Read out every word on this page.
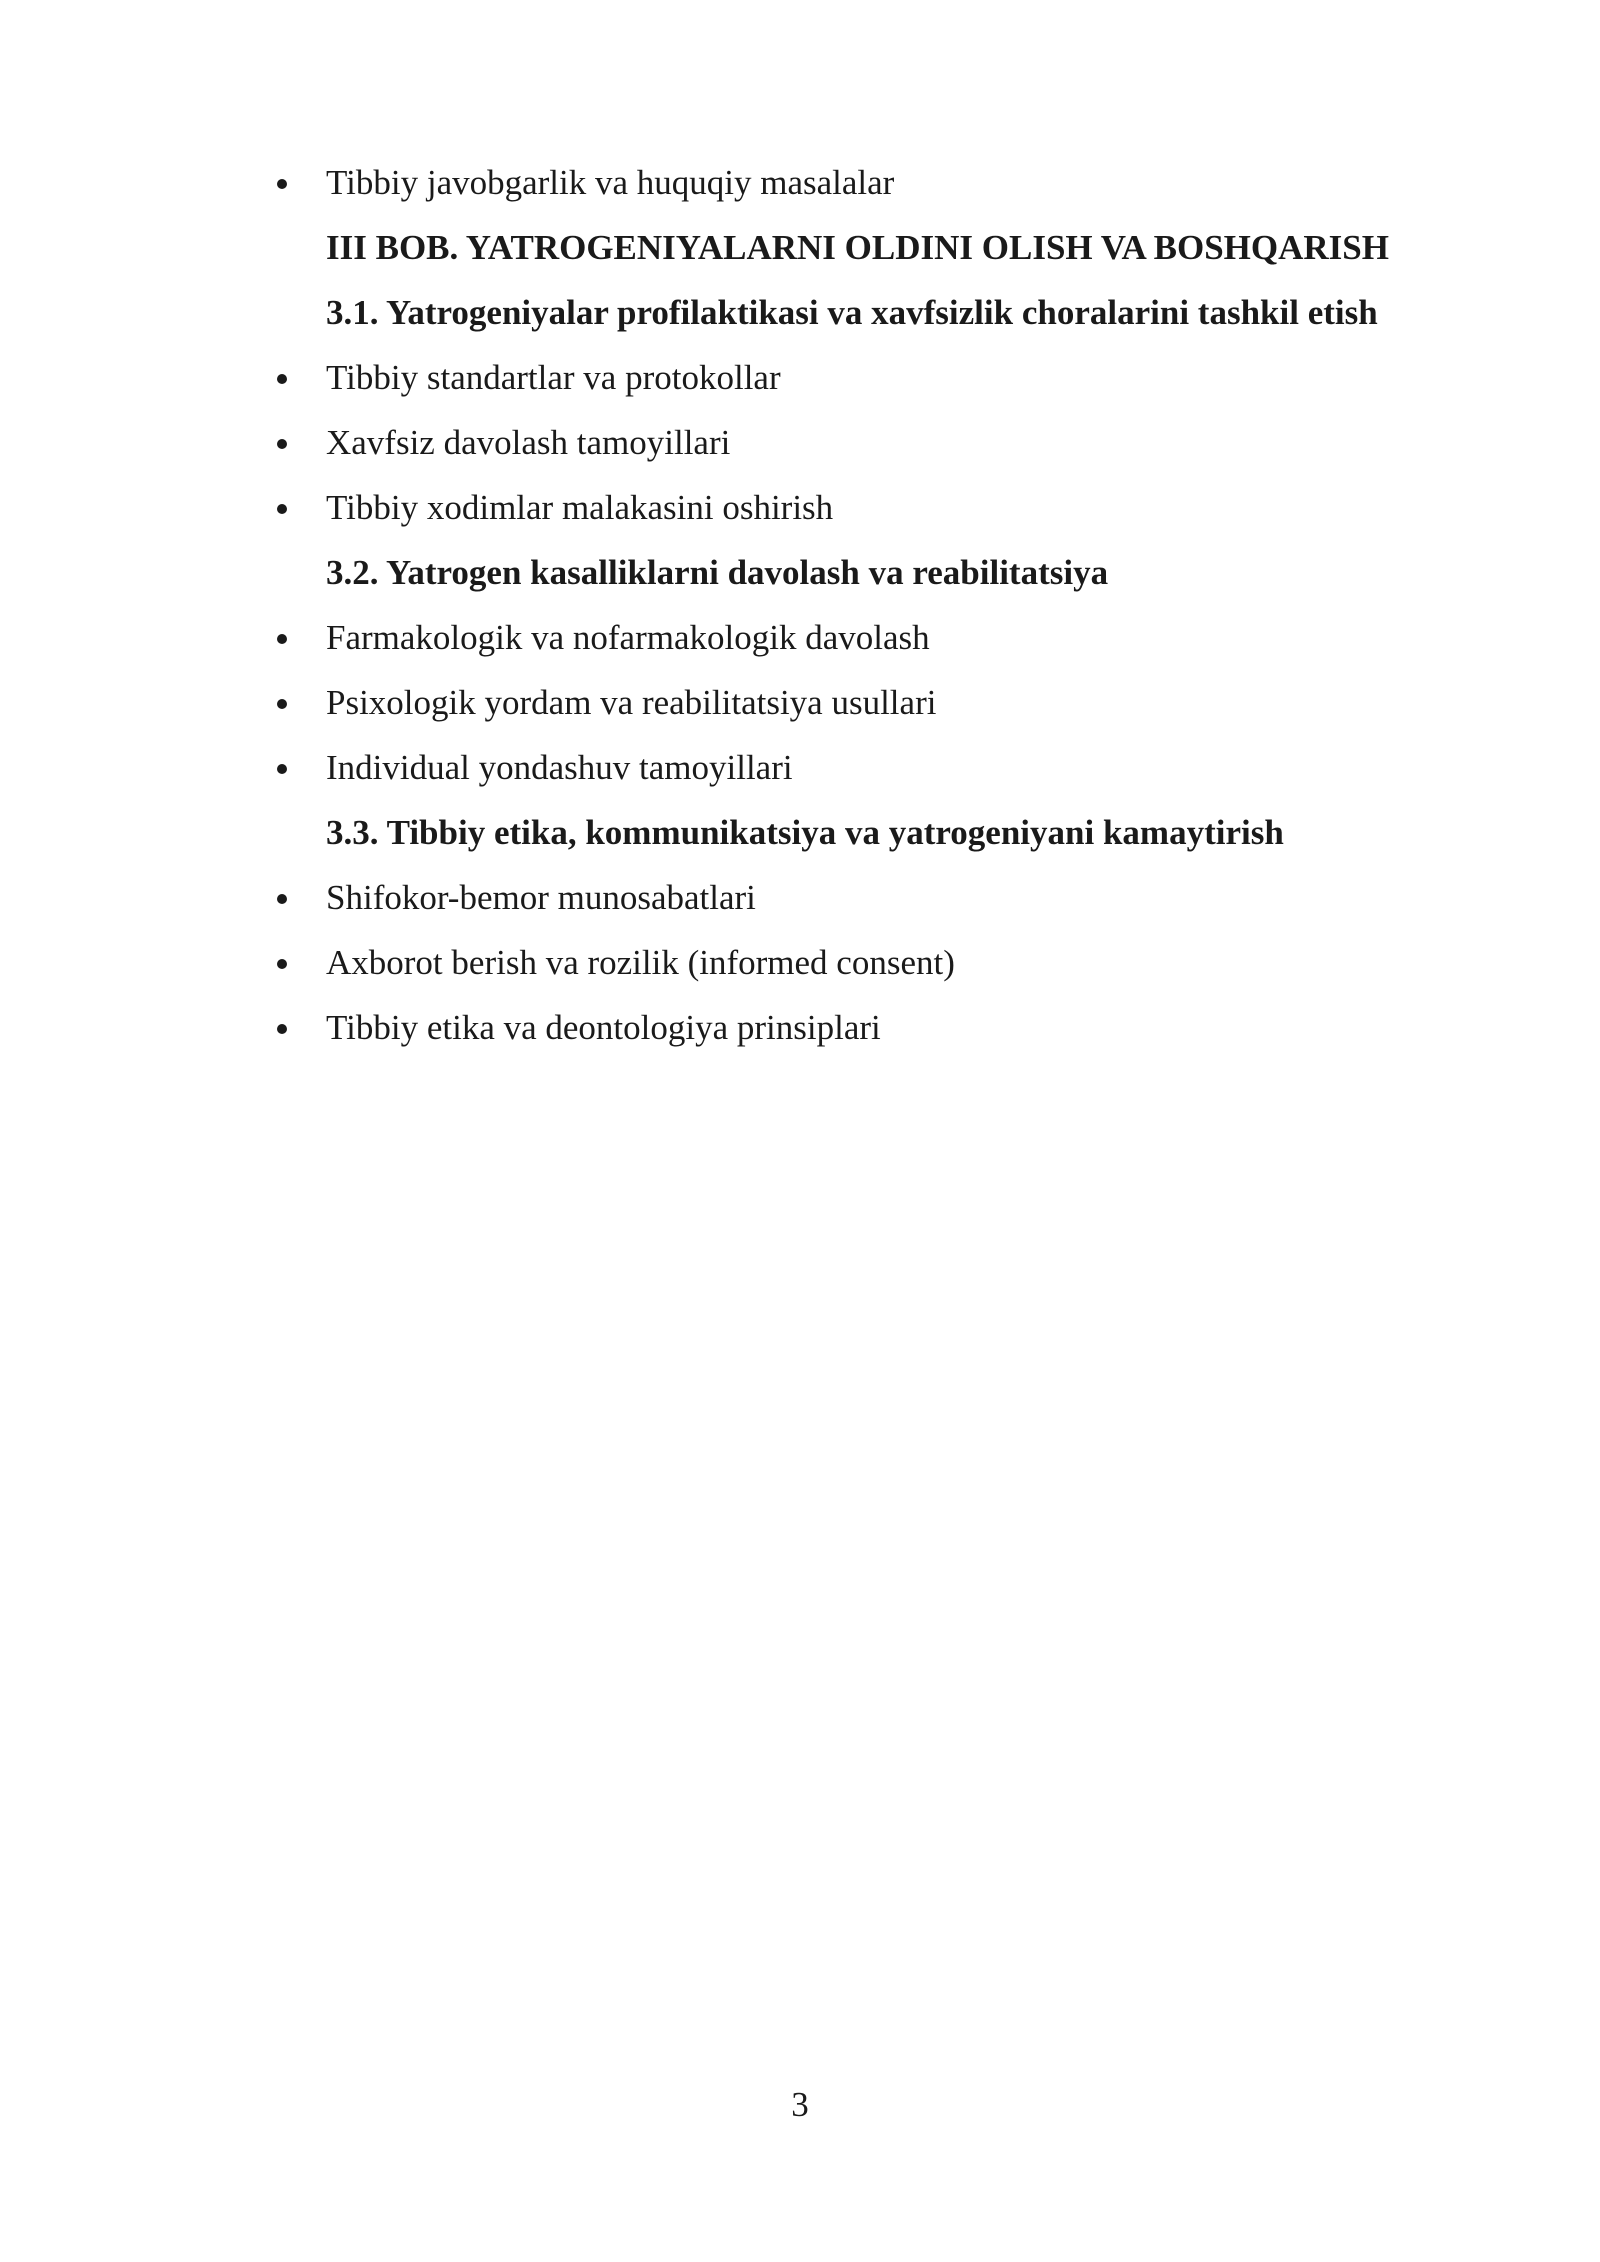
Tibbiy javobgarlik va huquqiy masalalar
III BOB. YATROGENIYALARNI OLDINI OLISH VA BOSHQARISH
3.1. Yatrogeniyalar profilaktikasi va xavfsizlik choralarini tashkil etish
Tibbiy standartlar va protokollar
Xavfsiz davolash tamoyillari
Tibbiy xodimlar malakasini oshirish
3.2. Yatrogen kasalliklarni davolash va reabilitatsiya
Farmakologik va nofarmakologik davolash
Psixologik yordam va reabilitatsiya usullari
Individual yondashuv tamoyillari
3.3. Tibbiy etika, kommunikatsiya va yatrogeniyani kamaytirish
Shifokor-bemor munosabatlari
Axborot berish va rozilik (informed consent)
Tibbiy etika va deontologiya prinsiplari
3
